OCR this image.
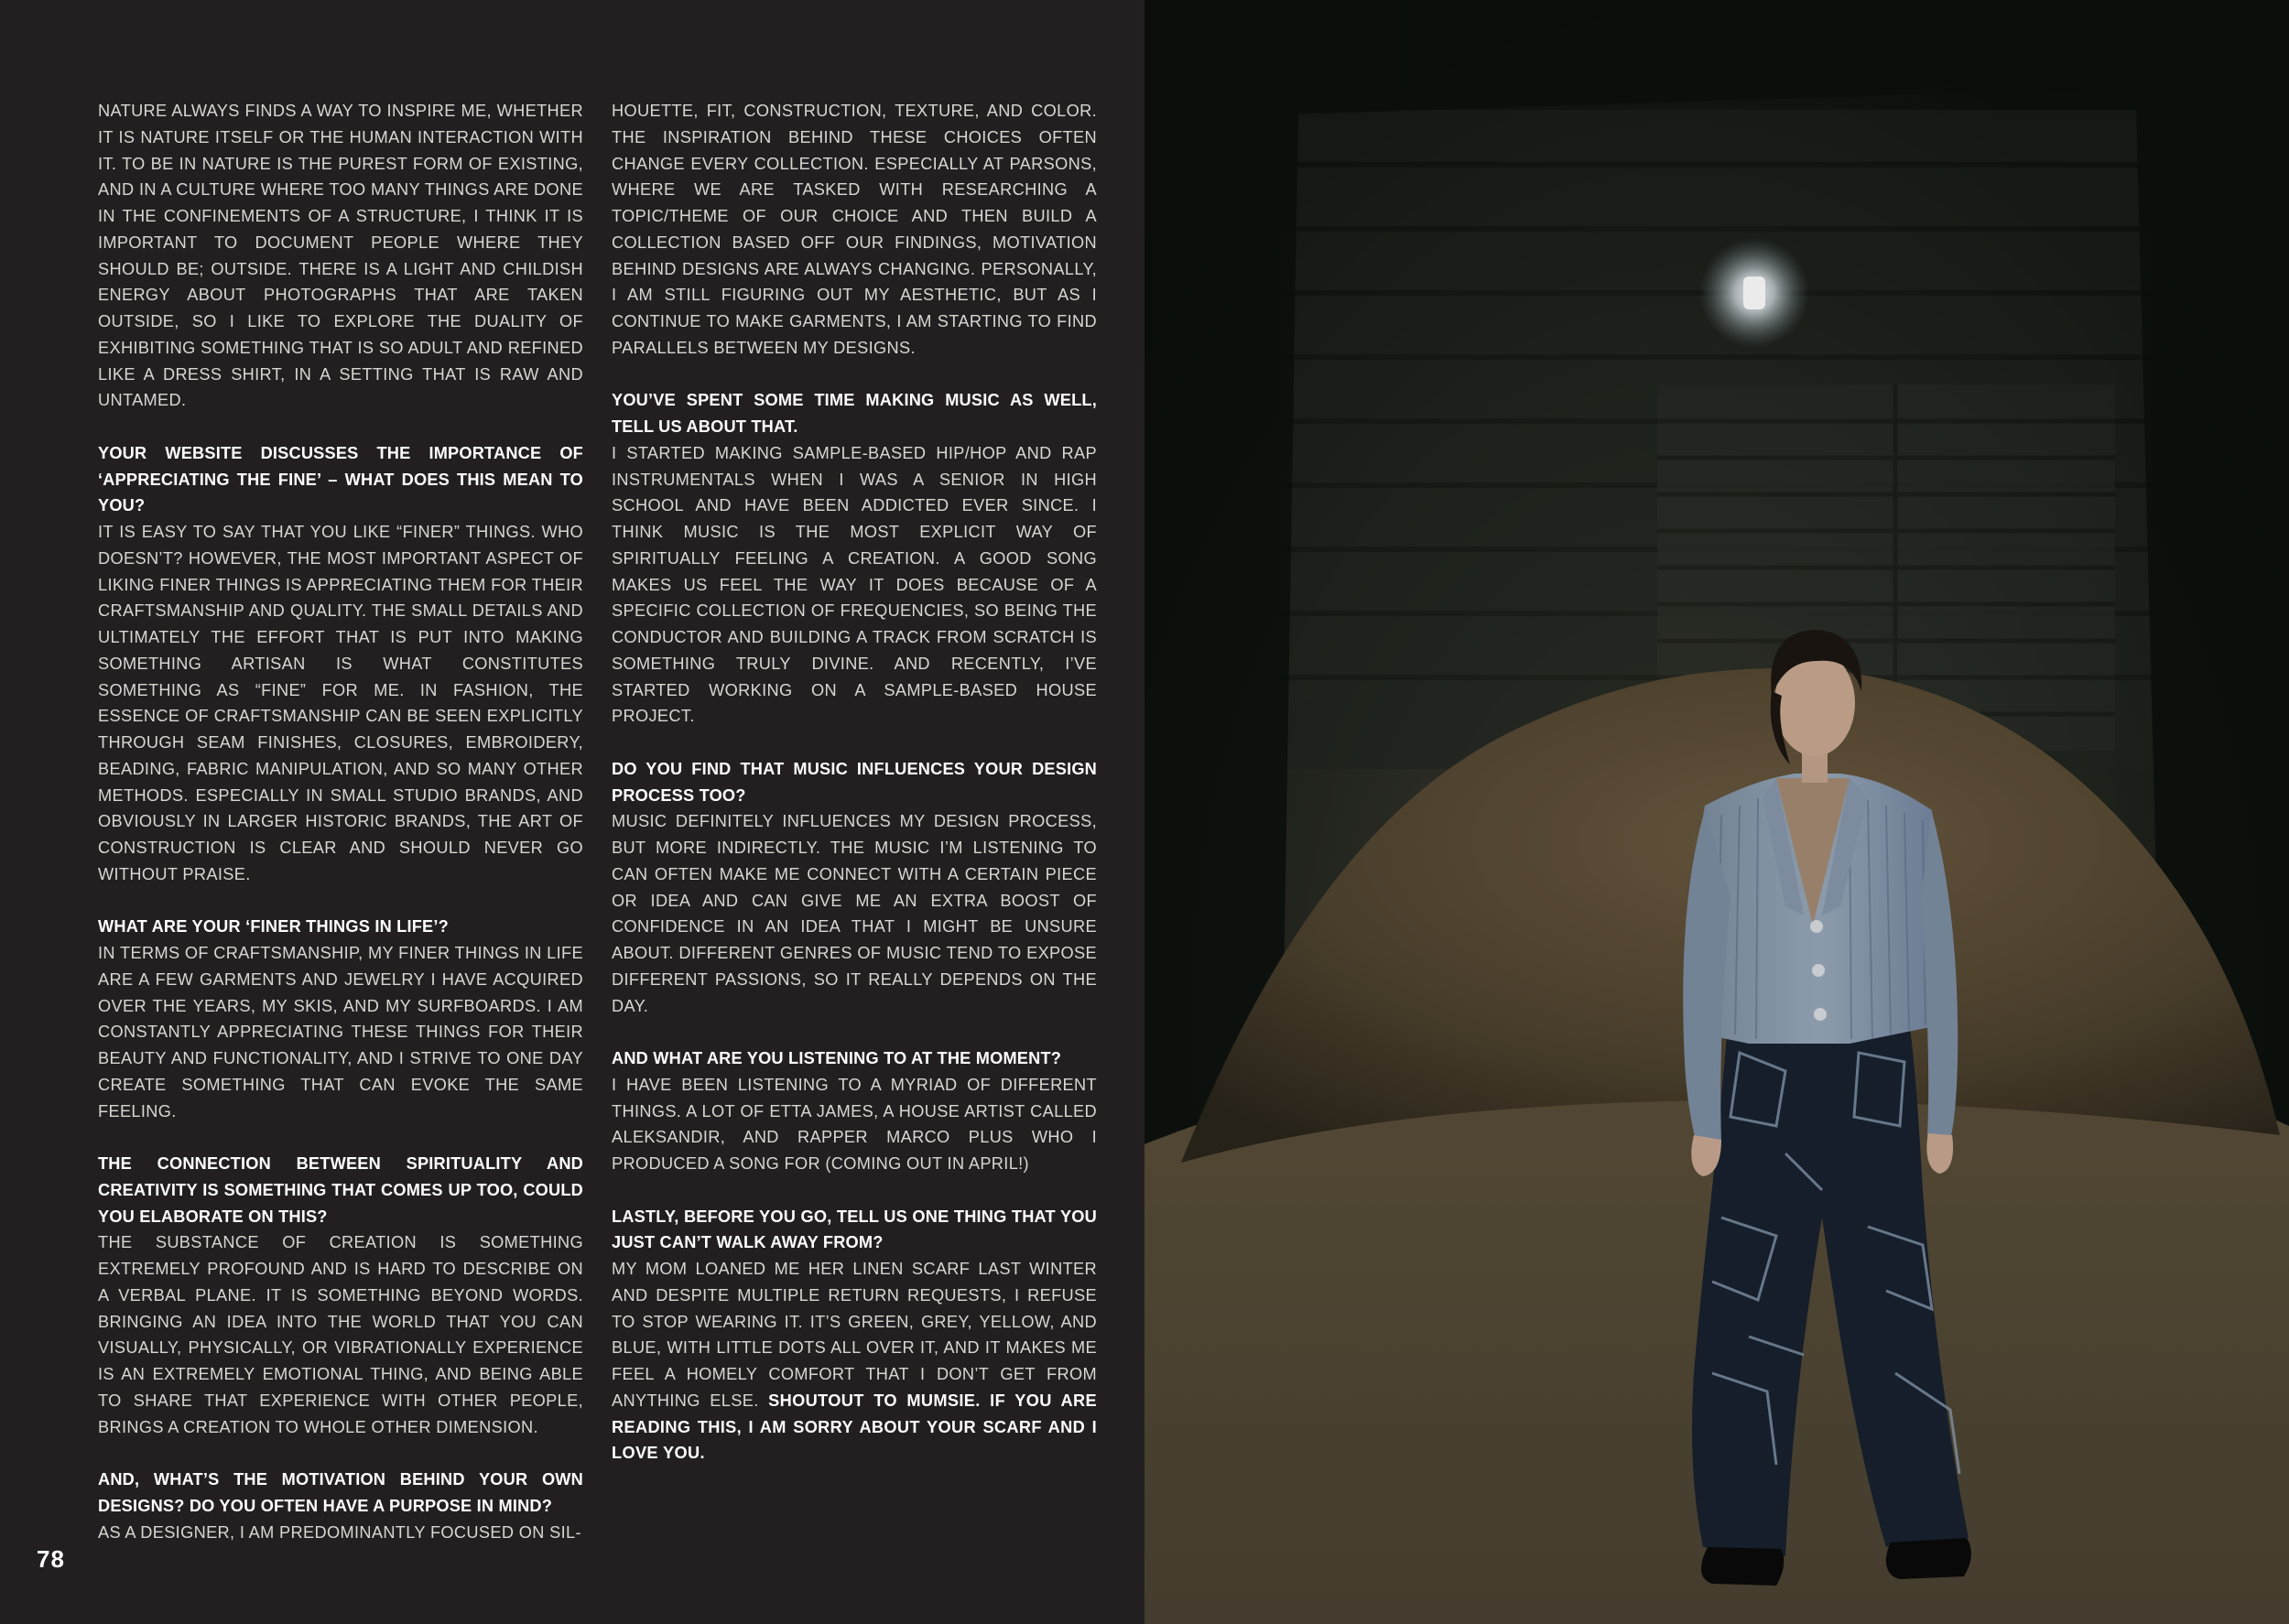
NATURE ALWAYS FINDS A WAY TO INSPIRE ME, WHETHER IT IS NATURE ITSELF OR THE HUMAN INTERACTION WITH IT. TO BE IN NATURE IS THE PUREST FORM OF EXISTING, AND IN A CULTURE WHERE TOO MANY THINGS ARE DONE IN THE CONFINEMENTS OF A STRUCTURE, I THINK IT IS IMPORTANT TO DOCUMENT PEOPLE WHERE THEY SHOULD BE; OUTSIDE. THERE IS A LIGHT AND CHILDISH ENERGY ABOUT PHOTOGRAPHS THAT ARE TAKEN OUTSIDE, SO I LIKE TO EXPLORE THE DUALITY OF EXHIBITING SOMETHING THAT IS SO ADULT AND REFINED LIKE A DRESS SHIRT, IN A SETTING THAT IS RAW AND UNTAMED.
YOUR WEBSITE DISCUSSES THE IMPORTANCE OF ‘APPRECIATING THE FINE’ – WHAT DOES THIS MEAN TO YOU?
IT IS EASY TO SAY THAT YOU LIKE “FINER” THINGS. WHO DOESN’T? HOWEVER, THE MOST IMPORTANT ASPECT OF LIKING FINER THINGS IS APPRECIATING THEM FOR THEIR CRAFTSMANSHIP AND QUALITY. THE SMALL DETAILS AND ULTIMATELY THE EFFORT THAT IS PUT INTO MAKING SOMETHING ARTISAN IS WHAT CONSTITUTES SOMETHING AS “FINE” FOR ME. IN FASHION, THE ESSENCE OF CRAFTSMANSHIP CAN BE SEEN EXPLICITLY THROUGH SEAM FINISHES, CLOSURES, EMBROIDERY, BEADING, FABRIC MANIPULATION, AND SO MANY OTHER METHODS. ESPECIALLY IN SMALL STUDIO BRANDS, AND OBVIOUSLY IN LARGER HISTORIC BRANDS, THE ART OF CONSTRUCTION IS CLEAR AND SHOULD NEVER GO WITHOUT PRAISE.
WHAT ARE YOUR ‘FINER THINGS IN LIFE’?
IN TERMS OF CRAFTSMANSHIP, MY FINER THINGS IN LIFE ARE A FEW GARMENTS AND JEWELRY I HAVE ACQUIRED OVER THE YEARS, MY SKIS, AND MY SURFBOARDS. I AM CONSTANTLY APPRECIATING THESE THINGS FOR THEIR BEAUTY AND FUNCTIONALITY, AND I STRIVE TO ONE DAY CREATE SOMETHING THAT CAN EVOKE THE SAME FEELING.
THE CONNECTION BETWEEN SPIRITUALITY AND CREATIVITY IS SOMETHING THAT COMES UP TOO, COULD YOU ELABORATE ON THIS?
THE SUBSTANCE OF CREATION IS SOMETHING EXTREMELY PROFOUND AND IS HARD TO DESCRIBE ON A VERBAL PLANE. IT IS SOMETHING BEYOND WORDS. BRINGING AN IDEA INTO THE WORLD THAT YOU CAN VISUALLY, PHYSICALLY, OR VIBRATIONALLY EXPERIENCE IS AN EXTREMELY EMOTIONAL THING, AND BEING ABLE TO SHARE THAT EXPERIENCE WITH OTHER PEOPLE, BRINGS A CREATION TO WHOLE OTHER DIMENSION.
AND, WHAT’S THE MOTIVATION BEHIND YOUR OWN DESIGNS? DO YOU OFTEN HAVE A PURPOSE IN MIND?
AS A DESIGNER, I AM PREDOMINANTLY FOCUSED ON SIL-
HOUETTE, FIT, CONSTRUCTION, TEXTURE, AND COLOR. THE INSPIRATION BEHIND THESE CHOICES OFTEN CHANGE EVERY COLLECTION. ESPECIALLY AT PARSONS, WHERE WE ARE TASKED WITH RESEARCHING A TOPIC/THEME OF OUR CHOICE AND THEN BUILD A COLLECTION BASED OFF OUR FINDINGS, MOTIVATION BEHIND DESIGNS ARE ALWAYS CHANGING. PERSONALLY, I AM STILL FIGURING OUT MY AESTHETIC, BUT AS I CONTINUE TO MAKE GARMENTS, I AM STARTING TO FIND PARALLELS BETWEEN MY DESIGNS.
YOU’VE SPENT SOME TIME MAKING MUSIC AS WELL, TELL US ABOUT THAT.
I STARTED MAKING SAMPLE-BASED HIP/HOP AND RAP INSTRUMENTALS WHEN I WAS A SENIOR IN HIGH SCHOOL AND HAVE BEEN ADDICTED EVER SINCE. I THINK MUSIC IS THE MOST EXPLICIT WAY OF SPIRITUALLY FEELING A CREATION. A GOOD SONG MAKES US FEEL THE WAY IT DOES BECAUSE OF A SPECIFIC COLLECTION OF FREQUENCIES, SO BEING THE CONDUCTOR AND BUILDING A TRACK FROM SCRATCH IS SOMETHING TRULY DIVINE. AND RECENTLY, I’VE STARTED WORKING ON A SAMPLE-BASED HOUSE PROJECT.
DO YOU FIND THAT MUSIC INFLUENCES YOUR DESIGN PROCESS TOO?
MUSIC DEFINITELY INFLUENCES MY DESIGN PROCESS, BUT MORE INDIRECTLY. THE MUSIC I’M LISTENING TO CAN OFTEN MAKE ME CONNECT WITH A CERTAIN PIECE OR IDEA AND CAN GIVE ME AN EXTRA BOOST OF CONFIDENCE IN AN IDEA THAT I MIGHT BE UNSURE ABOUT. DIFFERENT GENRES OF MUSIC TEND TO EXPOSE DIFFERENT PASSIONS, SO IT REALLY DEPENDS ON THE DAY.
AND WHAT ARE YOU LISTENING TO AT THE MOMENT?
I HAVE BEEN LISTENING TO A MYRIAD OF DIFFERENT THINGS. A LOT OF ETTA JAMES, A HOUSE ARTIST CALLED ALEKSANDIR, AND RAPPER MARCO PLUS WHO I PRODUCED A SONG FOR (COMING OUT IN APRIL!)
LASTLY, BEFORE YOU GO, TELL US ONE THING THAT YOU JUST CAN’T WALK AWAY FROM?
MY MOM LOANED ME HER LINEN SCARF LAST WINTER AND DESPITE MULTIPLE RETURN REQUESTS, I REFUSE TO STOP WEARING IT. IT’S GREEN, GREY, YELLOW, AND BLUE, WITH LITTLE DOTS ALL OVER IT, AND IT MAKES ME FEEL A HOMELY COMFORT THAT I DON’T GET FROM ANYTHING ELSE. SHOUTOUT TO MUMSIE. IF YOU ARE READING THIS, I AM SORRY ABOUT YOUR SCARF AND I LOVE YOU.
78
